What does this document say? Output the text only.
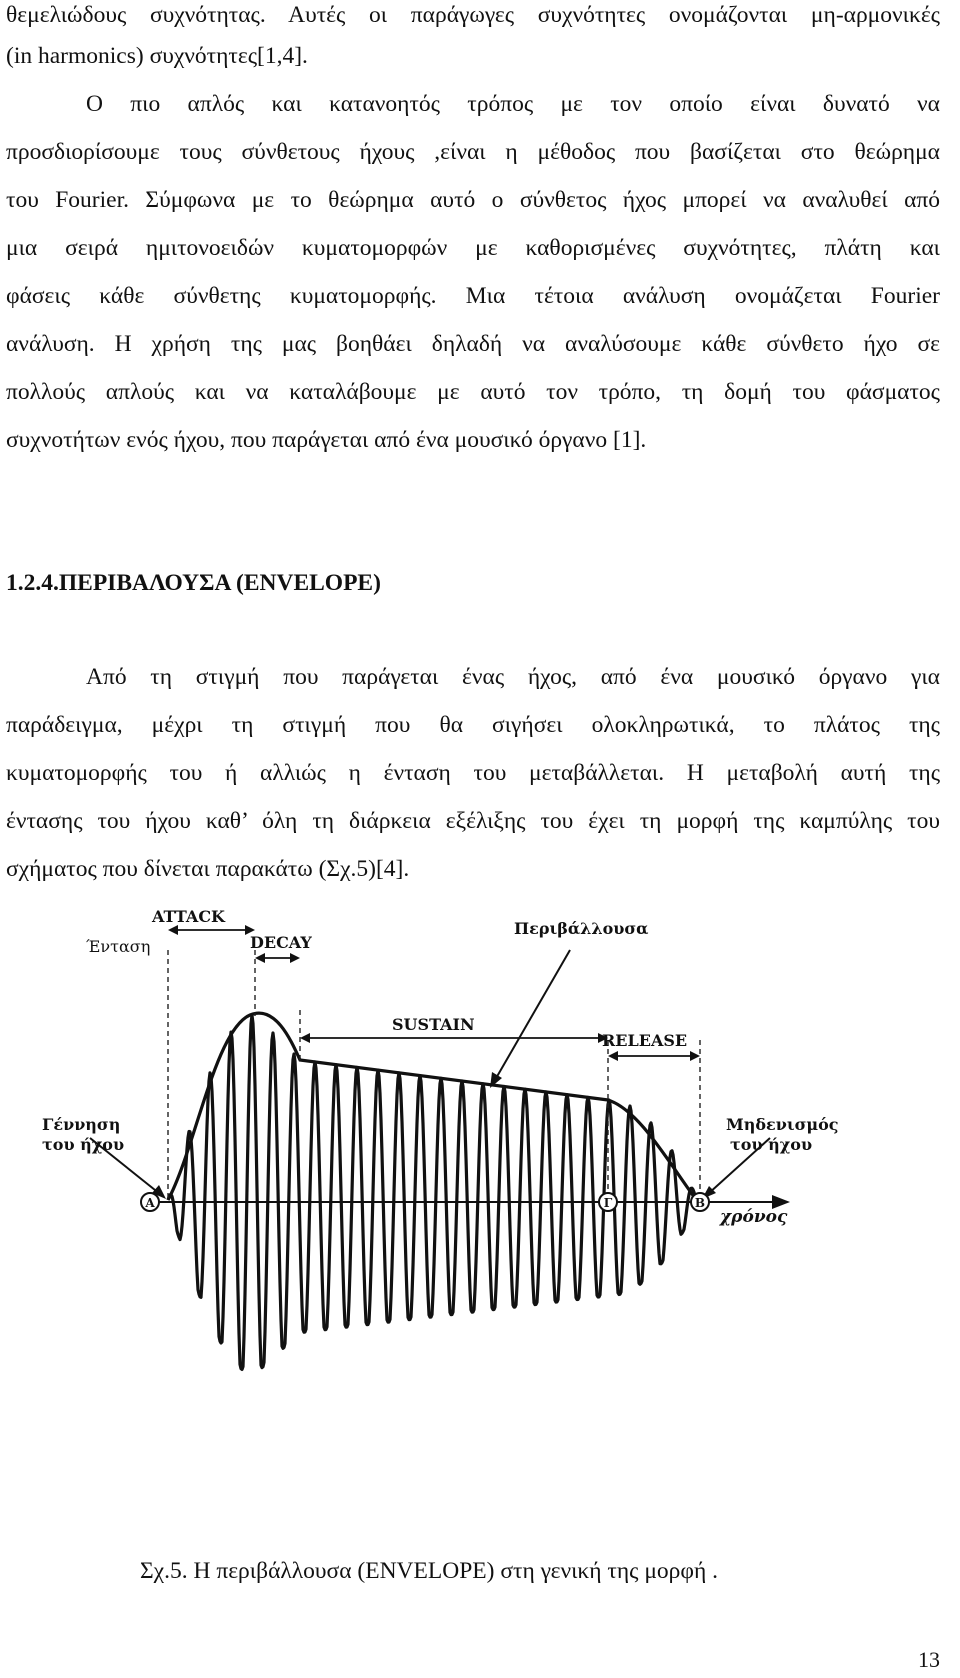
θεμελιώδους συχνότητας. Αυτές οι παράγωγες συχνότητες ονομάζονται μη-αρμονικές
(in harmonics) συχνότητες[1,4].
Ο πιο απλός και κατανοητός τρόπος με τον οποίο είναι δυνατό να
προσδιορίσουμε τους σύνθετους ήχους ,είναι η μέθοδος που βασίζεται στο θεώρημα
του Fourier. Σύμφωνα με το θεώρημα αυτό ο σύνθετος ήχος μπορεί να αναλυθεί από
μια σειρά ημιτονοειδών κυματομορφών με καθορισμένες συχνότητες, πλάτη και
φάσεις κάθε σύνθετης κυματομορφής. Μια τέτοια ανάλυση ονομάζεται Fourier
ανάλυση. Η χρήση της μας βοηθάει δηλαδή να αναλύσουμε κάθε σύνθετο ήχο σε
πολλούς απλούς και να καταλάβουμε με αυτό τον τρόπο, τη δομή του φάσματος
συχνοτήτων ενός ήχου, που παράγεται από ένα μουσικό όργανο [1].
1.2.4.ΠΕΡΙΒΑΛΟΥΣΑ (ENVELOPE)
Από τη στιγμή που παράγεται ένας ήχος, από ένα μουσικό όργανο για
παράδειγμα, μέχρι τη στιγμή που θα σιγήσει ολοκληρωτικά, το πλάτος της
κυματομορφής του ή αλλιώς η ένταση του μεταβάλλεται. Η μεταβολή αυτή της
έντασης του ήχου καθ’ όλη τη διάρκεια εξέλιξης του έχει τη μορφή της καμπύλης του
σχήματος που δίνεται παρακάτω (Σχ.5)[4].
A	Γ	B
ATTACK
Ένταση	DECAY
SUSTAIN
RELEASE
Περιβάλλουσα
Γέννηση
του ήχου
Μηδενισμός
του ήχου
χρόνος
Σχ.5. Η περιβάλλουσα (ENVELOPE) στη γενική της μορφή .
13
